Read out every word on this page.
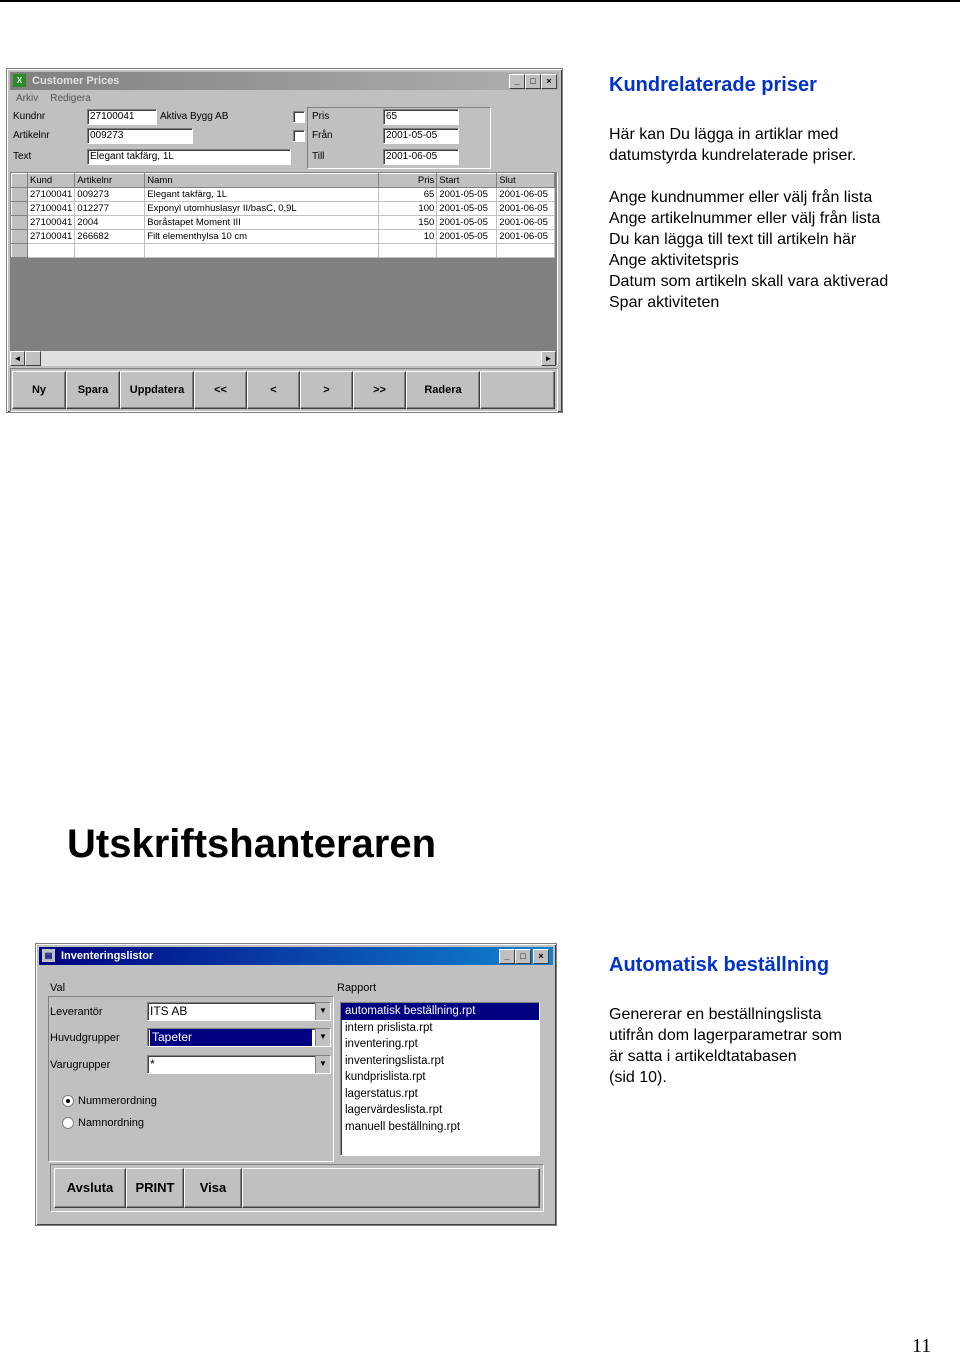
X Customer Prices	_	□	×
Arkiv Redigera
Kundnr	27100041	Aktiva Bygg AB
Artikelnr	009273
Text	Elegant takfärg, 1L
Pris	65
Från	2001-05-05
Till	2001-06-05
	Kund	Artikelnr	Namn	Pris	Start	Slut
	27100041	009273	Elegant takfärg, 1L	65	2001-05-05	2001-06-05
	27100041	012277	Exponyl utomhuslasyr II/basC, 0,9L	100	2001-05-05	2001-06-05
	27100041	2004	Boråstapet Moment III	150	2001-05-05	2001-06-05
	27100041	266682	Filt elementhylsa 10 cm	10	2001-05-05	2001-06-05

◄	►
Ny	Spara	Uppdatera	<<	<	>	>>	Radera
Kundrelaterade priser
Här kan Du lägga in artiklar med
datumstyrda kundrelaterade priser.
Ange kundnummer eller välj från lista
Ange artikelnummer eller välj från lista
Du kan lägga till text till artikeln här
Ange aktivitetspris
Datum som artikeln skall vara aktiverad
Spar aktiviteten
Utskriftshanteraren
▤ Inventeringslistor	_	□	×
Val
Leverantör	ITS AB	▼
Huvudgrupper	Tapeter	▼
Varugrupper	*	▼
Nummerordning
Namnordning
Rapport
automatisk beställning.rpt
intern prislista.rpt
inventering.rpt
inventeringslista.rpt
kundprislista.rpt
lagerstatus.rpt
lagervärdeslista.rpt
manuell beställning.rpt
Avsluta	PRINT	Visa
Automatisk beställning
Genererar en beställningslista
utifrån dom lagerparametrar som
är satta i artikeldtatabasen
(sid 10).
11
